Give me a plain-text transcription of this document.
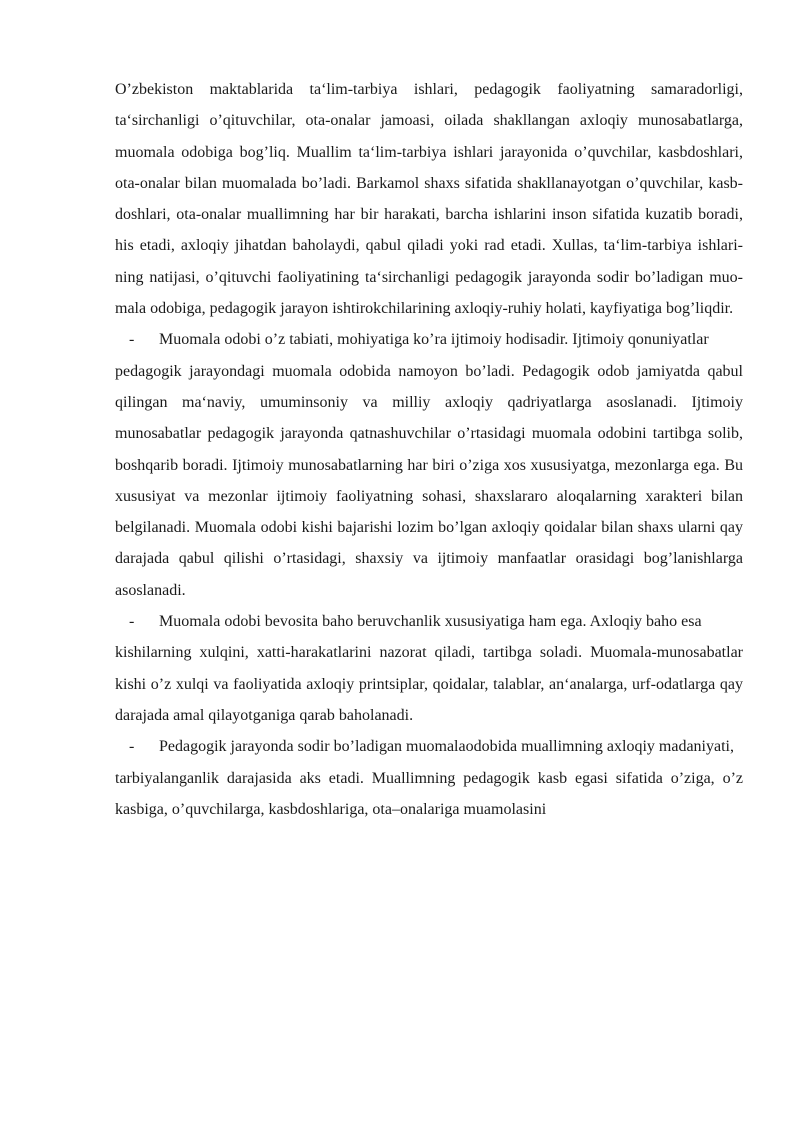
O’zbekiston maktablarida ta‘lim-tarbiya ishlari, pedagogik faoliyatning samaradorligi, ta‘sirchanligi o’qituvchilar, ota-onalar jamoasi, oilada shakllangan axloqiy munosabatlarga, muomala odobiga bog’liq. Muallim ta‘lim-tarbiya ishlari jarayonida o’quvchilar, kasbdoshlari, ota-onalar bilan muomalada bo’ladi. Barkamol shaxs sifatida shakllanayotgan o’quvchilar, kasb-doshlari, ota-onalar muallimning har bir harakati, barcha ishlarini inson sifatida kuzatib boradi, his etadi, axloqiy jihatdan baholaydi, qabul qiladi yoki rad etadi. Xullas, ta‘lim-tarbiya ishlari-ning natijasi, o’qituvchi faoliyatining ta‘sirchanligi pedagogik jarayonda sodir bo’ladigan muo-mala odobiga, pedagogik jarayon ishtirokchilarining axloqiy-ruhiy holati, kayfiyatiga bog’liqdir.

-	Muomala odobi o’z tabiati, mohiyatiga ko’ra ijtimoiy hodisadir. Ijtimoiy qonuniyatlar

pedagogik jarayondagi muomala odobida namoyon bo’ladi. Pedagogik odob jamiyatda qabul qilingan ma‘naviy, umuminsoniy va milliy axloqiy qadriyatlarga asoslanadi. Ijtimoiy munosabatlar pedagogik jarayonda qatnashuvchilar o’rtasidagi muomala odobini tartibga solib, boshqarib boradi. Ijtimoiy munosabatlarning har biri o’ziga xos xususiyatga, mezonlarga ega. Bu xususiyat va mezonlar ijtimoiy faoliyatning sohasi, shaxslararo aloqalarning xarakteri bilan belgilanadi. Muomala odobi kishi bajarishi lozim bo’lgan axloqiy qoidalar bilan shaxs ularni qay darajada qabul qilishi o’rtasidagi, shaxsiy va ijtimoiy manfaatlar orasidagi bog’lanishlarga asoslanadi.

-	Muomala odobi bevosita baho beruvchanlik xususiyatiga ham ega. Axloqiy baho esa

kishilarning xulqini, xatti-harakatlarini nazorat qiladi, tartibga soladi. Muomala-munosabatlar kishi o’z xulqi va faoliyatida axloqiy printsiplar, qoidalar, talablar, an‘analarga, urf-odatlarga qay darajada amal qilayotganiga qarab baholanadi.

-	Pedagogik jarayonda sodir bo’ladigan muomalaodobida muallimning axloqiy madaniyati,

tarbiyalanganlik darajasida aks etadi. Muallimning pedagogik kasb egasi sifatida o’ziga, o’z kasbiga, o’quvchilarga, kasbdoshlariga, ota–onalariga muamolasini
